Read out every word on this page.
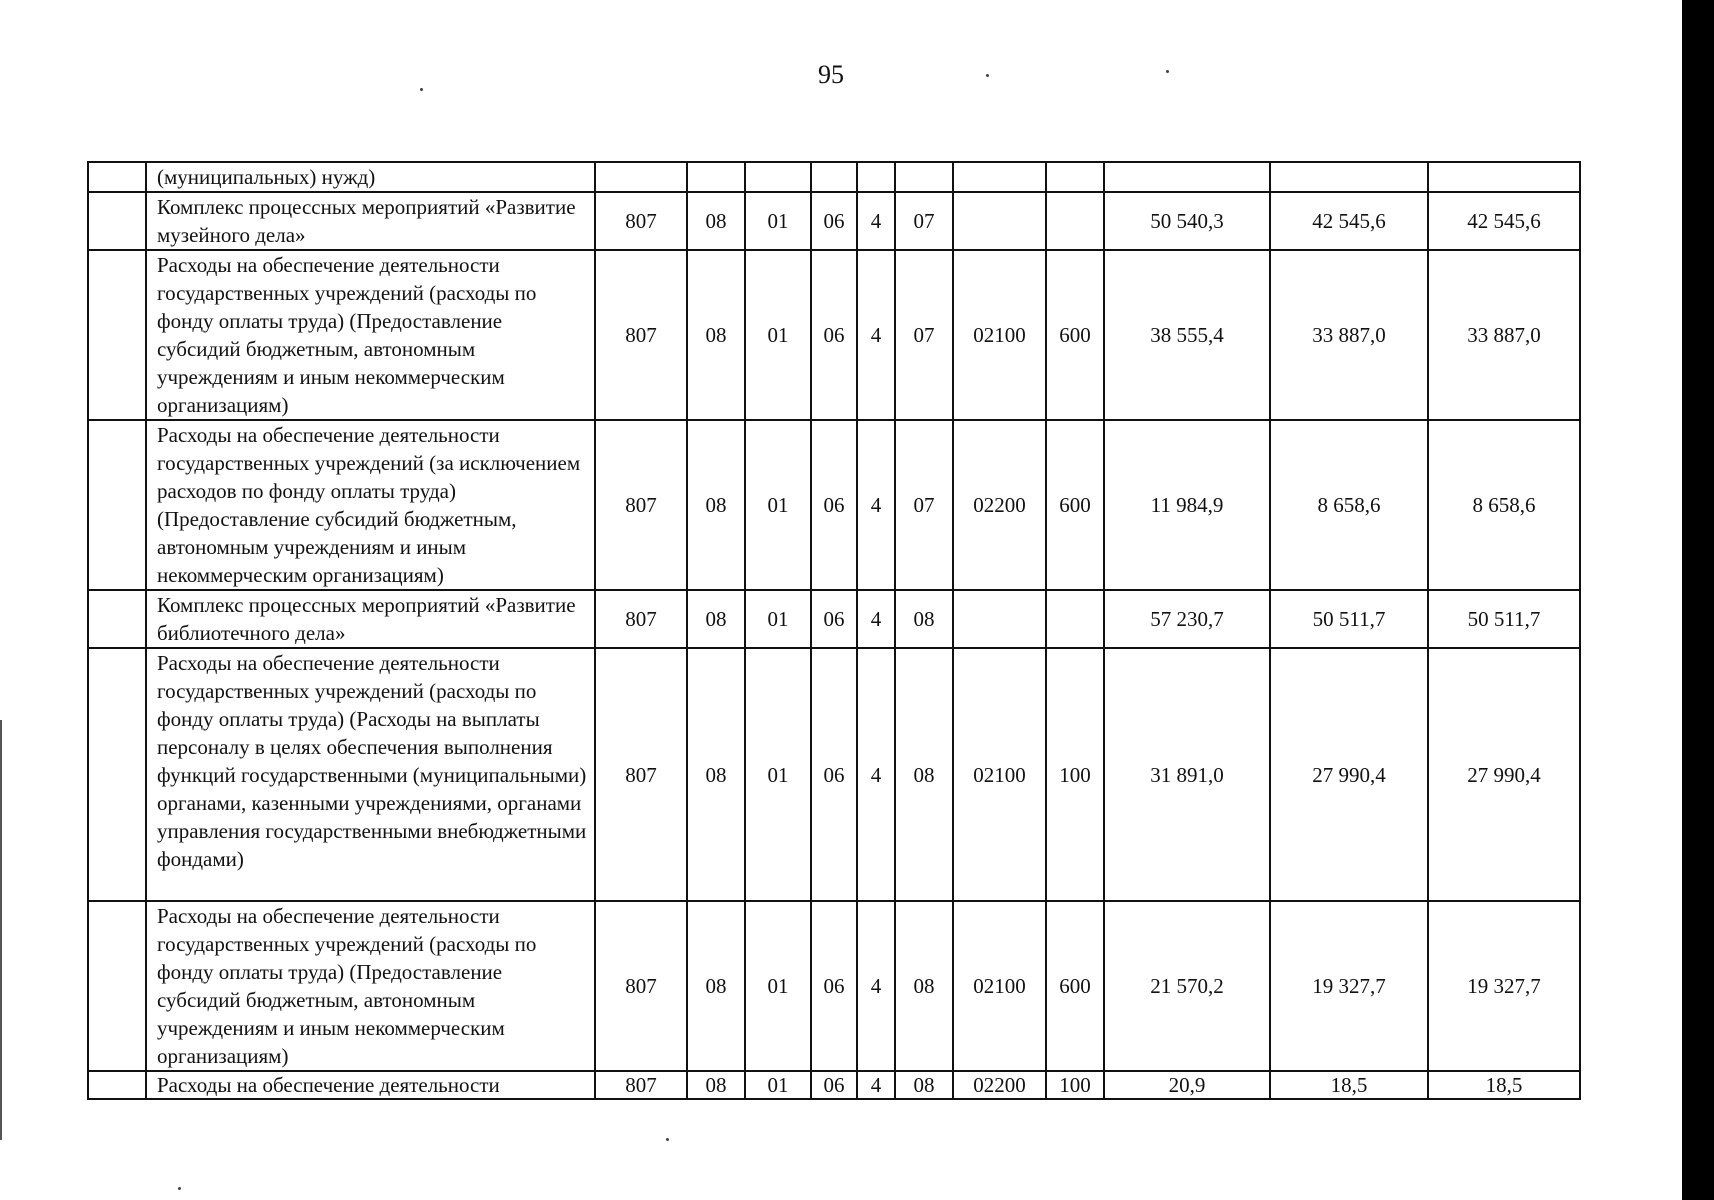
95
	(муниципальных) нужд)											
	Комплекс процессных мероприятий «Развитие музейного дела»	807	08	01	06	4	07			50 540,3	42 545,6	42 545,6
	Расходы на обеспечение деятельности государственных учреждений (расходы по фонду оплаты труда) (Предоставление субсидий бюджетным, автономным учреждениям и иным некоммерческим организациям)	807	08	01	06	4	07	02100	600	38 555,4	33 887,0	33 887,0
	Расходы на обеспечение деятельности государственных учреждений (за исключением расходов по фонду оплаты труда) (Предоставление субсидий бюджетным, автономным учреждениям и иным некоммерческим организациям)	807	08	01	06	4	07	02200	600	11 984,9	8 658,6	8 658,6
	Комплекс процессных мероприятий «Развитие библиотечного дела»	807	08	01	06	4	08			57 230,7	50 511,7	50 511,7
	Расходы на обеспечение деятельности государственных учреждений (расходы по фонду оплаты труда) (Расходы на выплаты персоналу в целях обеспечения выполнения функций государственными (муниципальными) органами, казенными учреждениями, органами управления государственными внебюджетными фондами)	807	08	01	06	4	08	02100	100	31 891,0	27 990,4	27 990,4
	Расходы на обеспечение деятельности государственных учреждений (расходы по фонду оплаты труда) (Предоставление субсидий бюджетным, автономным учреждениям и иным некоммерческим организациям)	807	08	01	06	4	08	02100	600	21 570,2	19 327,7	19 327,7
	Расходы на обеспечение деятельности	807	08	01	06	4	08	02200	100	20,9	18,5	18,5
